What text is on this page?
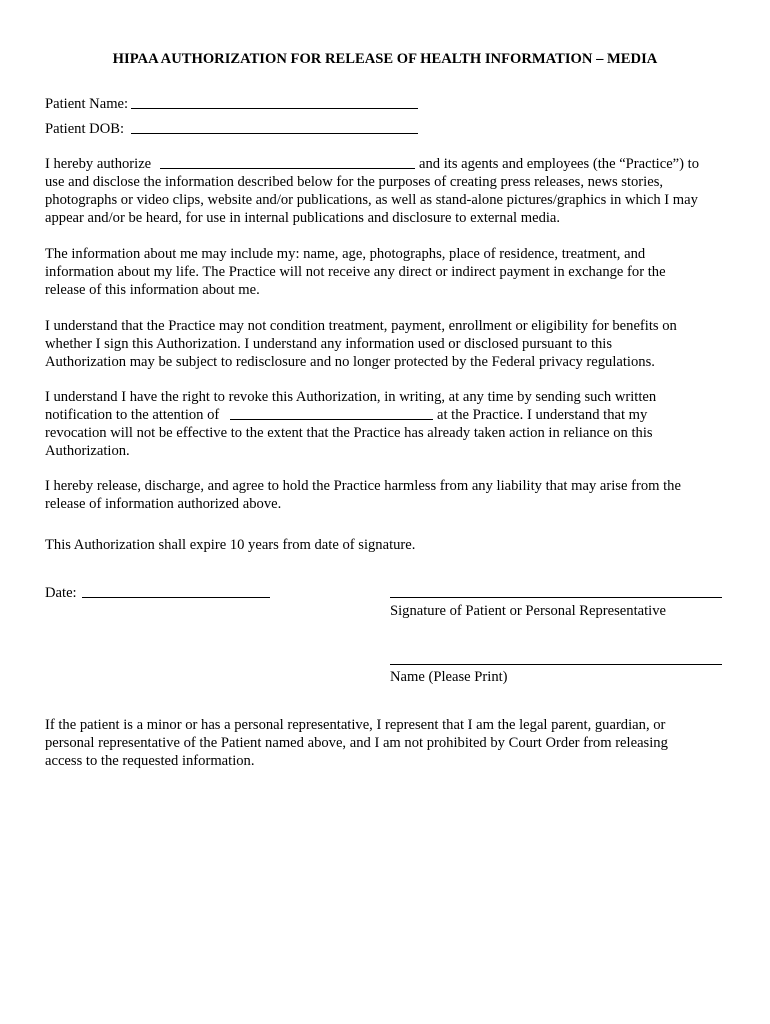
HIPAA AUTHORIZATION FOR RELEASE OF HEALTH INFORMATION – MEDIA
Patient Name:
Patient DOB:
I hereby authorize	and its agents and employees (the “Practice”) to
use and disclose the information described below for the purposes of creating press releases, news stories,
photographs or video clips, website and/or publications, as well as stand-alone pictures/graphics in which I may
appear and/or be heard, for use in internal publications and disclosure to external media.
The information about me may include my: name, age, photographs, place of residence, treatment, and
information about my life. The Practice will not receive any direct or indirect payment in exchange for the
release of this information about me.
I understand that the Practice may not condition treatment, payment, enrollment or eligibility for benefits on
whether I sign this Authorization. I understand any information used or disclosed pursuant to this
Authorization may be subject to redisclosure and no longer protected by the Federal privacy regulations.
I understand I have the right to revoke this Authorization, in writing, at any time by sending such written
notification to the attention of	at the Practice. I understand that my
revocation will not be effective to the extent that the Practice has already taken action in reliance on this
Authorization.
I hereby release, discharge, and agree to hold the Practice harmless from any liability that may arise from the
release of information authorized above.
This Authorization shall expire 10 years from date of signature.
Date:
Signature of Patient or Personal Representative
Name (Please Print)
If the patient is a minor or has a personal representative, I represent that I am the legal parent, guardian, or
personal representative of the Patient named above, and I am not prohibited by Court Order from releasing
access to the requested information.
